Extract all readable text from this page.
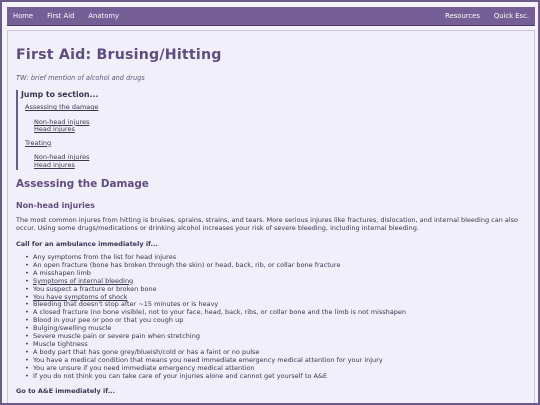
Home First Aid Anatomy	Resources Quick Esc.
First Aid: Brusing/Hitting
TW: brief mention of alcohol and drugs
Jump to section...
Assessing the damage
Non-head injures
Head injures
Treating
Non-head injures
Head injures
Assessing the Damage
Non-head injuries

The most common injures from hitting is bruises, sprains, strains, and tears. More serious injures like fractures, dislocation, and internal bleeding can also occur. Using some drugs/medications or drinking alcohol increases your risk of severe bleeding, including internal bleeding.

Call for an ambulance immediately if...
• Any symptoms from the list for head injures
• An open fracture (bone has broken through the skin) or head, back, rib, or collar bone fracture
• A misshapen limb
• Symptoms of internal bleeding
• You suspect a fracture or broken bone
• You have symptoms of shock
• Bleeding that doesn't stop after ~15 minutes or is heavy
• A closed fracture (no bone visible), not to your face, head, back, ribs, or collar bone and the limb is not misshapen
• Blood in your pee or poo or that you cough up
• Bulging/swelling muscle
• Severe muscle pain or severe pain when stretching
• Muscle tightness
• A body part that has gone grey/blueish/cold or has a faint or no pulse
• You have a medical condition that means you need immediate emergency medical attention for your injury
• You are unsure if you need immediate emergency medical attention
• If you do not think you can take care of your injuries alone and cannot get yourself to A&E
Go to A&E immediately if...
